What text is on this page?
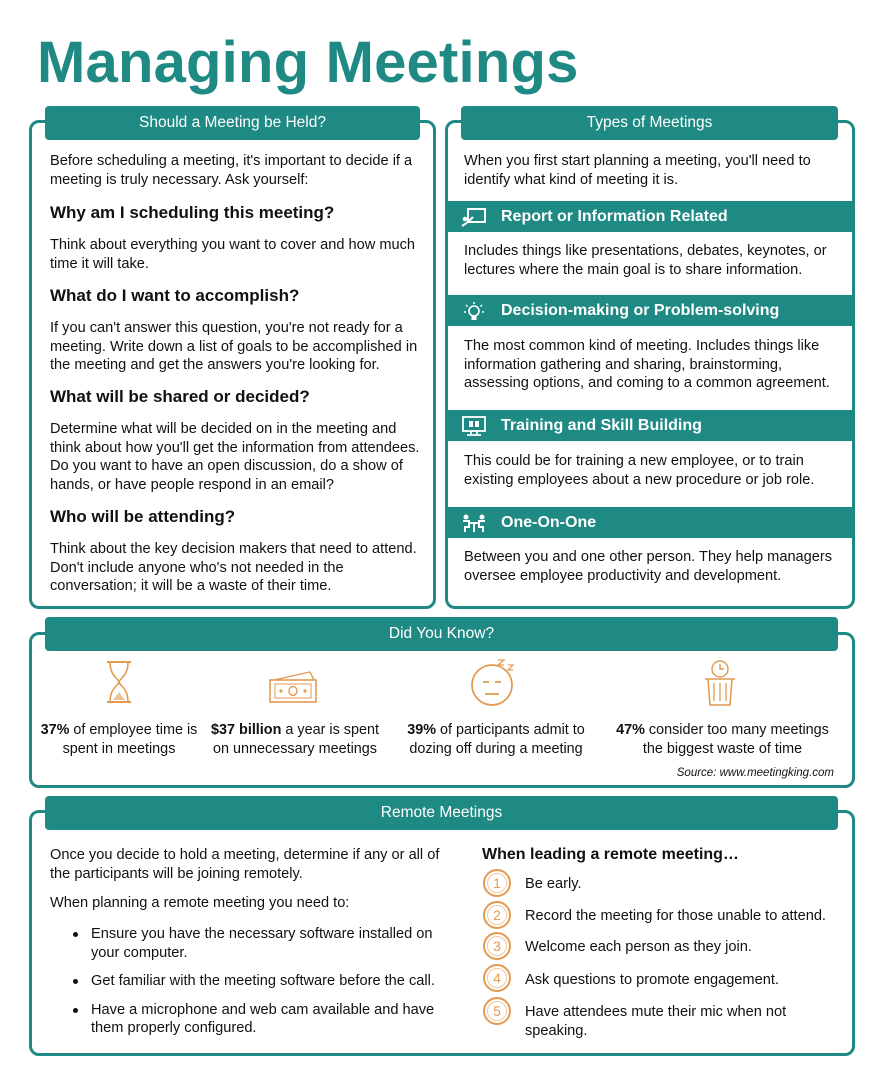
Managing Meetings
Should a Meeting be Held?
Before scheduling a meeting, it's important to decide if a meeting is truly necessary. Ask yourself:
Why am I scheduling this meeting?
Think about everything you want to cover and how much time it will take.
What do I want to accomplish?
If you can't answer this question, you're not ready for a meeting. Write down a list of goals to be accomplished in the meeting and get the answers you're looking for.
What will be shared or decided?
Determine what will be decided on in the meeting and think about how you'll get the information from attendees. Do you want to have an open discussion, do a show of hands, or have people respond in an email?
Who will be attending?
Think about the key decision makers that need to attend. Don't include anyone who's not needed in the conversation; it will be a waste of their time.
Types of Meetings
When you first start planning a meeting, you'll need to identify what kind of meeting it is.
Report or Information Related
Includes things like presentations, debates, keynotes, or lectures where the main goal is to share information.
Decision-making or Problem-solving
The most common kind of meeting. Includes things like information gathering and sharing, brainstorming, assessing options, and coming to a common agreement.
Training and Skill Building
This could be for training a new employee, or to train existing employees about a new procedure or job role.
One-On-One
Between you and one other person. They help managers oversee employee productivity and development.
Did You Know?
37% of employee time is spent in meetings
$37 billion a year is spent on unnecessary meetings
39% of participants admit to dozing off during a meeting
47% consider too many meetings the biggest waste of time
Source: www.meetingking.com
Remote Meetings
Once you decide to hold a meeting, determine if any or all of the participants will be joining remotely.
When planning a remote meeting you need to:
Ensure you have the necessary software installed on your computer.
Get familiar with the meeting software before the call.
Have a microphone and web cam available and have them properly configured.
When leading a remote meeting…
1	Be early.
2	Record the meeting for those unable to attend.
3	Welcome each person as they join.
4	Ask questions to promote engagement.
5	Have attendees mute their mic when not speaking.
